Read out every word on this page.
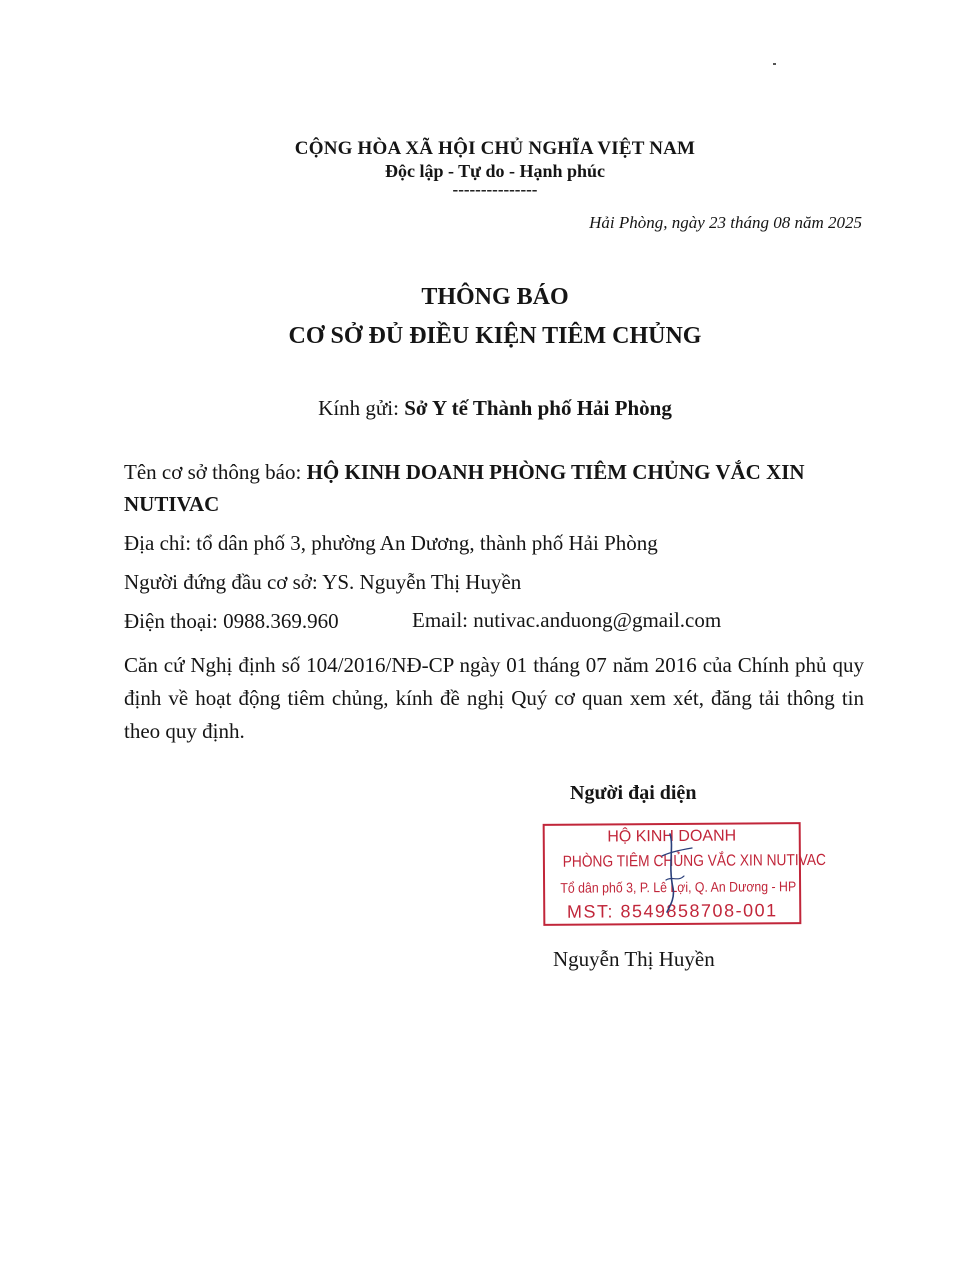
CỘNG HÒA XÃ HỘI CHỦ NGHĨA VIỆT NAM
Độc lập - Tự do - Hạnh phúc
---------------
Hải Phòng, ngày 23 tháng 08 năm 2025
THÔNG BÁO
CƠ SỞ ĐỦ ĐIỀU KIỆN TIÊM CHỦNG
Kính gửi: Sở Y tế Thành phố Hải Phòng
Tên cơ sở thông báo: HỘ KINH DOANH PHÒNG TIÊM CHỦNG VẮC XIN
NUTIVAC
Địa chỉ: tổ dân phố 3, phường An Dương, thành phố Hải Phòng
Người đứng đầu cơ sở: YS. Nguyễn Thị Huyền
Điện thoại: 0988.369.960	Email: nutivac.anduong@gmail.com
Căn cứ Nghị định số 104/2016/NĐ-CP ngày 01 tháng 07 năm 2016 của Chính phủ quy định về hoạt động tiêm chủng, kính đề nghị Quý cơ quan xem xét, đăng tải thông tin theo quy định.
Người đại diện
HỘ KINH DOANH
PHÒNG TIÊM CHỦNG VẮC XIN NUTIVAC
Tổ dân phố 3, P. Lê Lợi, Q. An Dương - HP
MST: 8549858708-001
Nguyễn Thị Huyền
